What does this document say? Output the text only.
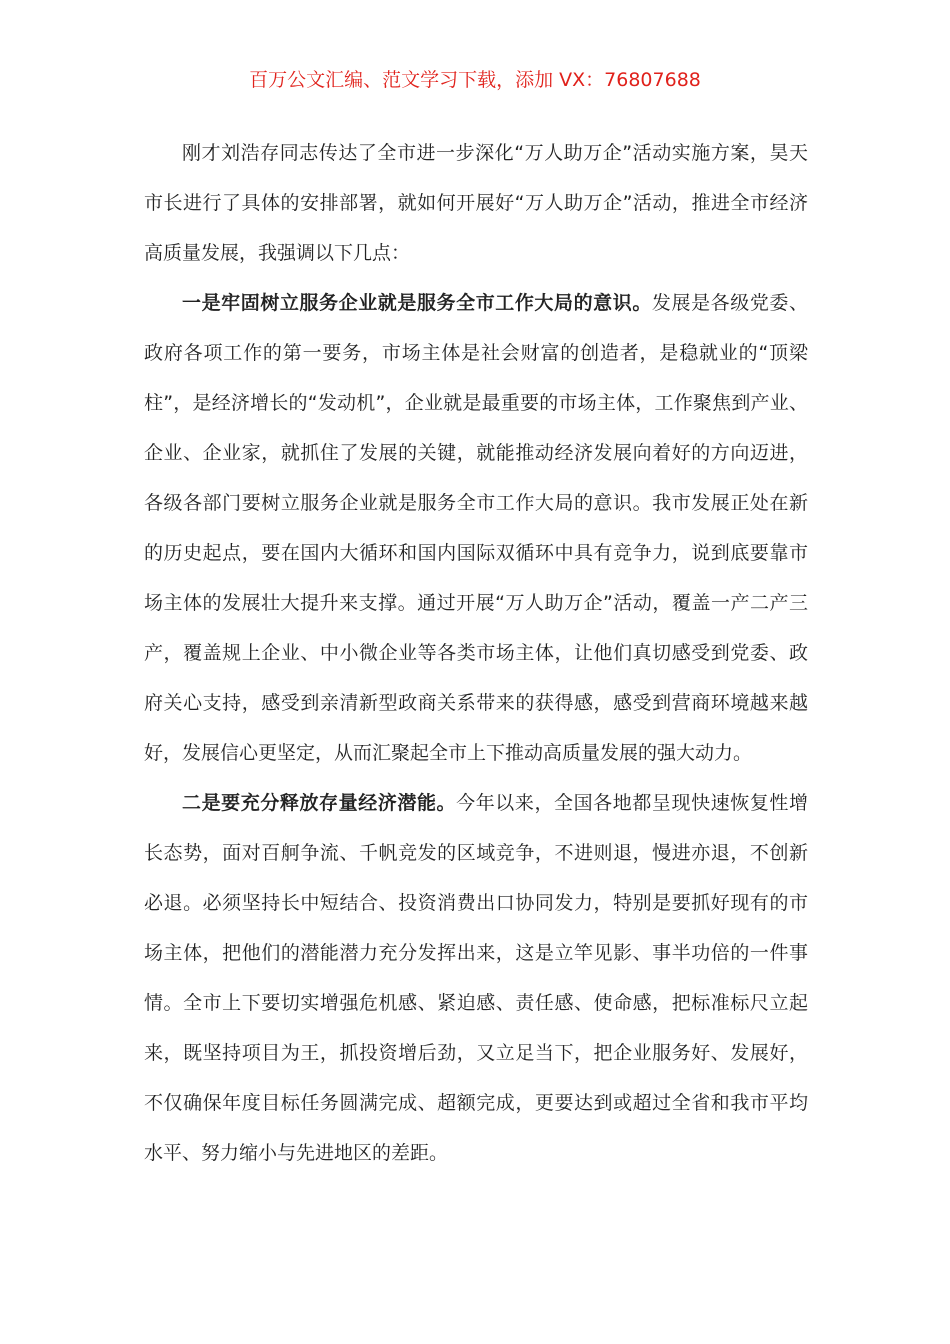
百万公文汇编、范文学习下载，添加 VX：76807688

刚才刘浩存同志传达了全市进一步深化“万人助万企”活动实施方案，昊天市长进行了具体的安排部署，就如何开展好“万人助万企”活动，推进全市经济高质量发展，我强调以下几点：

一是牢固树立服务企业就是服务全市工作大局的意识。发展是各级党委、政府各项工作的第一要务，市场主体是社会财富的创造者，是稳就业的“顶梁柱”，是经济增长的“发动机”，企业就是最重要的市场主体，工作聚焦到产业、企业、企业家，就抓住了发展的关键，就能推动经济发展向着好的方向迈进，各级各部门要树立服务企业就是服务全市工作大局的意识。我市发展正处在新的历史起点，要在国内大循环和国内国际双循环中具有竞争力，说到底要靠市场主体的发展壮大提升来支撑。通过开展“万人助万企”活动，覆盖一产二产三产，覆盖规上企业、中小微企业等各类市场主体，让他们真切感受到党委、政府关心支持，感受到亲清新型政商关系带来的获得感，感受到营商环境越来越好，发展信心更坚定，从而汇聚起全市上下推动高质量发展的强大动力。

二是要充分释放存量经济潜能。今年以来，全国各地都呈现快速恢复性增长态势，面对百舸争流、千帆竞发的区域竞争，不进则退，慢进亦退，不创新必退。必须坚持长中短结合、投资消费出口协同发力，特别是要抓好现有的市场主体，把他们的潜能潜力充分发挥出来，这是立竿见影、事半功倍的一件事情。全市上下要切实增强危机感、紧迫感、责任感、使命感，把标准标尺立起来，既坚持项目为王，抓投资增后劲，又立足当下，把企业服务好、发展好，不仅确保年度目标任务圆满完成、超额完成，更要达到或超过全省和我市平均水平、努力缩小与先进地区的差距。
